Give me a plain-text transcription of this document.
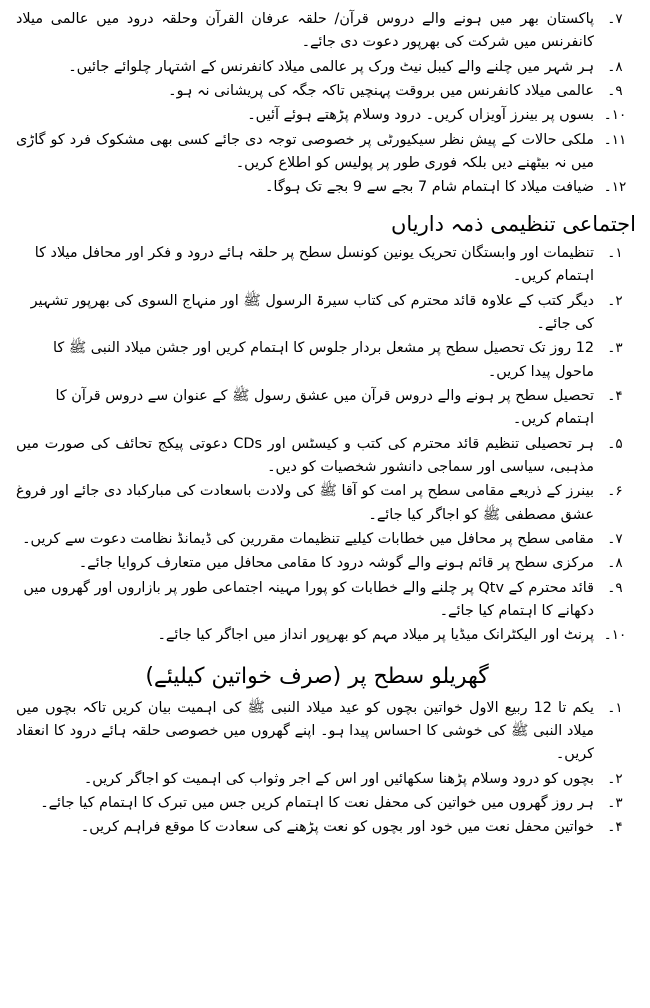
۷۔
پاکستان بھر میں ہونے والے دروس قرآن/ حلقہ عرفان القرآن وحلقہ درود میں عالمی میلاد کانفرنس میں شرکت کی بھرپور دعوت دی جائے۔
۸۔
ہر شہر میں چلنے والے کیبل نیٹ ورک پر عالمی میلاد کانفرنس کے اشتہار چلوائے جائیں۔
۹۔
عالمی میلاد کانفرنس میں بروقت پہنچیں تاکہ جگہ کی پریشانی نہ ہو۔
۱۰۔
بسوں پر بینرز آویزاں کریں۔ درود وسلام پڑھتے ہوئے آئیں۔
۱۱۔
ملکی حالات کے پیش نظر سیکیورٹی پر خصوصی توجہ دی جائے کسی بھی مشکوک فرد کو گاڑی میں نہ بیٹھنے دیں بلکہ فوری طور پر پولیس کو اطلاع کریں۔
۱۲۔
ضیافت میلاد کا اہتمام شام 7 بجے سے 9 بجے تک ہوگا۔
اجتماعی تنظیمی ذمہ داریاں
۱۔
تنظیمات اور وابستگان تحریک یونین کونسل سطح پر حلقہ ہائے درود و فکر اور محافل میلاد کا اہتمام کریں۔
۲۔
دیگر کتب کے علاوہ قائد محترم کی کتاب سیرۃ الرسول ﷺ اور منہاج السوی کی بھرپور تشہیر کی جائے۔
۳۔
12 روز تک تحصیل سطح پر مشعل بردار جلوس کا اہتمام کریں اور جشن میلاد النبی ﷺ کا ماحول پیدا کریں۔
۴۔
تحصیل سطح پر ہونے والے دروس قرآن میں عشق رسول ﷺ کے عنوان سے دروس قرآن کا اہتمام کریں۔
۵۔
ہر تحصیلی تنظیم قائد محترم کی کتب و کیسٹس اور CDs دعوتی پیکج تحائف کی صورت میں مذہبی، سیاسی اور سماجی دانشور شخصیات کو دیں۔
۶۔
بینرز کے ذریعے مقامی سطح پر امت کو آقا ﷺ کی ولادت باسعادت کی مبارکباد دی جائے اور فروغ عشق مصطفی ﷺ کو اجاگر کیا جائے۔
۷۔
مقامی سطح پر محافل میں خطابات کیلیے تنظیمات مقررین کی ڈیمانڈ نظامت دعوت سے کریں۔
۸۔
مرکزی سطح پر قائم ہونے والے گوشہ درود کا مقامی محافل میں متعارف کروایا جائے۔
۹۔
قائد محترم کے Qtv پر چلنے والے خطابات کو پورا مہینہ اجتماعی طور پر بازاروں اور گھروں میں دکھانے کا اہتمام کیا جائے۔
۱۰۔
پرنٹ اور الیکٹرانک میڈیا پر میلاد مہم کو بھرپور انداز میں اجاگر کیا جائے۔
گھریلو سطح پر (صرف خواتین کیلیئے)
۱۔
یکم تا 12 ربیع الاول خواتین بچوں کو عید میلاد النبی ﷺ کی اہمیت بیان کریں تاکہ بچوں میں میلاد النبی ﷺ کی خوشی کا احساس پیدا ہو۔ اپنے گھروں میں خصوصی حلقہ ہائے درود کا انعقاد کریں۔
۲۔
بچوں کو درود وسلام پڑھنا سکھائیں اور اس کے اجر وثواب کی اہمیت کو اجاگر کریں۔
۳۔
ہر روز گھروں میں خواتین کی محفل نعت کا اہتمام کریں جس میں تبرک کا اہتمام کیا جائے۔
۴۔
خواتین محفل نعت میں خود اور بچوں کو نعت پڑھنے کی سعادت کا موقع فراہم کریں۔
